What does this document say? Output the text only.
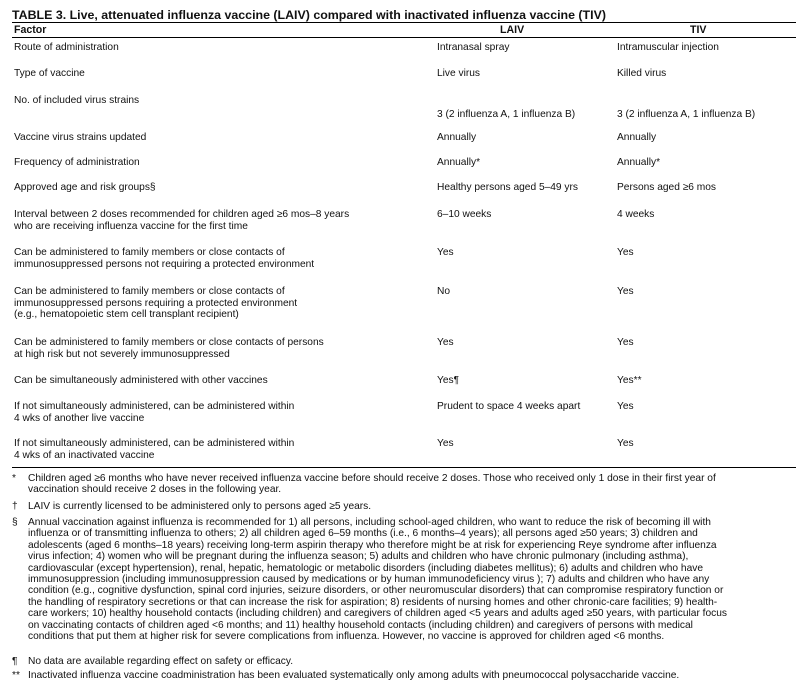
TABLE 3. Live, attenuated influenza vaccine (LAIV) compared with inactivated influenza vaccine (TIV)
Factor	LAIV	TIV
Route of administration	Intranasal spray	Intramuscular injection
Type of vaccine	Live virus	Killed virus
No. of included virus strains
3 (2 influenza A, 1 influenza B)	3 (2 influenza A, 1 influenza B)
Vaccine virus strains updated	Annually	Annually
Frequency of administration	Annually*	Annually*
Approved age and risk groups§	Healthy persons aged 5–49 yrs	Persons aged ≥6 mos
Interval between 2 doses recommended for children aged ≥6 mos–8 years
who are receiving influenza vaccine for the first time
6–10 weeks	4 weeks
Can be administered to family members or close contacts of
immunosuppressed persons not requiring a protected environment
Yes	Yes
Can be administered to family members or close contacts of
immunosuppressed persons requiring a protected environment
(e.g., hematopoietic stem cell transplant recipient)
No	Yes
Can be administered to family members or close contacts of persons
at high risk but not severely immunosuppressed
Yes	Yes
Can be simultaneously administered with other vaccines	Yes¶	Yes**
If not simultaneously administered, can be administered within
4 wks of another live vaccine
Prudent to space 4 weeks apart	Yes
If not simultaneously administered, can be administered within
4 wks of an inactivated vaccine
Yes	Yes
*	Children aged ≥6 months who have never received influenza vaccine before should receive 2 doses. Those who received only 1 dose in their first year of
vaccination should receive 2 doses in the following year.
†	LAIV is currently licensed to be administered only to persons aged ≥5 years.
§	Annual vaccination against influenza is recommended for 1) all persons, including school-aged children, who want to reduce the risk of becoming ill with
influenza or of transmitting influenza to others; 2) all children aged 6–59 months (i.e., 6 months–4 years); all persons aged ≥50 years; 3) children and
adolescents (aged 6 months–18 years) receiving long-term aspirin therapy who therefore might be at risk for experiencing Reye syndrome after influenza
virus infection; 4) women who will be pregnant during the influenza season; 5) adults and children who have chronic pulmonary (including asthma),
cardiovascular (except hypertension), renal, hepatic, hematologic or metabolic disorders (including diabetes mellitus); 6) adults and children who have
immunosuppression (including immunosuppression caused by medications or by human immunodeficiency virus ); 7) adults and children who have any
condition (e.g., cognitive dysfunction, spinal cord injuries, seizure disorders, or other neuromuscular disorders) that can compromise respiratory function or
the handling of respiratory secretions or that can increase the risk for aspiration; 8) residents of nursing homes and other chronic-care facilities; 9) health-
care workers; 10) healthy household contacts (including children) and caregivers of children aged <5 years and adults aged ≥50 years, with particular focus
on vaccinating contacts of children aged <6 months; and 11) healthy household contacts (including children) and caregivers of persons with medical
conditions that put them at higher risk for severe complications from influenza. However, no vaccine is approved for children aged <6 months.
¶	No data are available regarding effect on safety or efficacy.
** Inactivated influenza vaccine coadministration has been evaluated systematically only among adults with pneumococcal polysaccharide vaccine.
